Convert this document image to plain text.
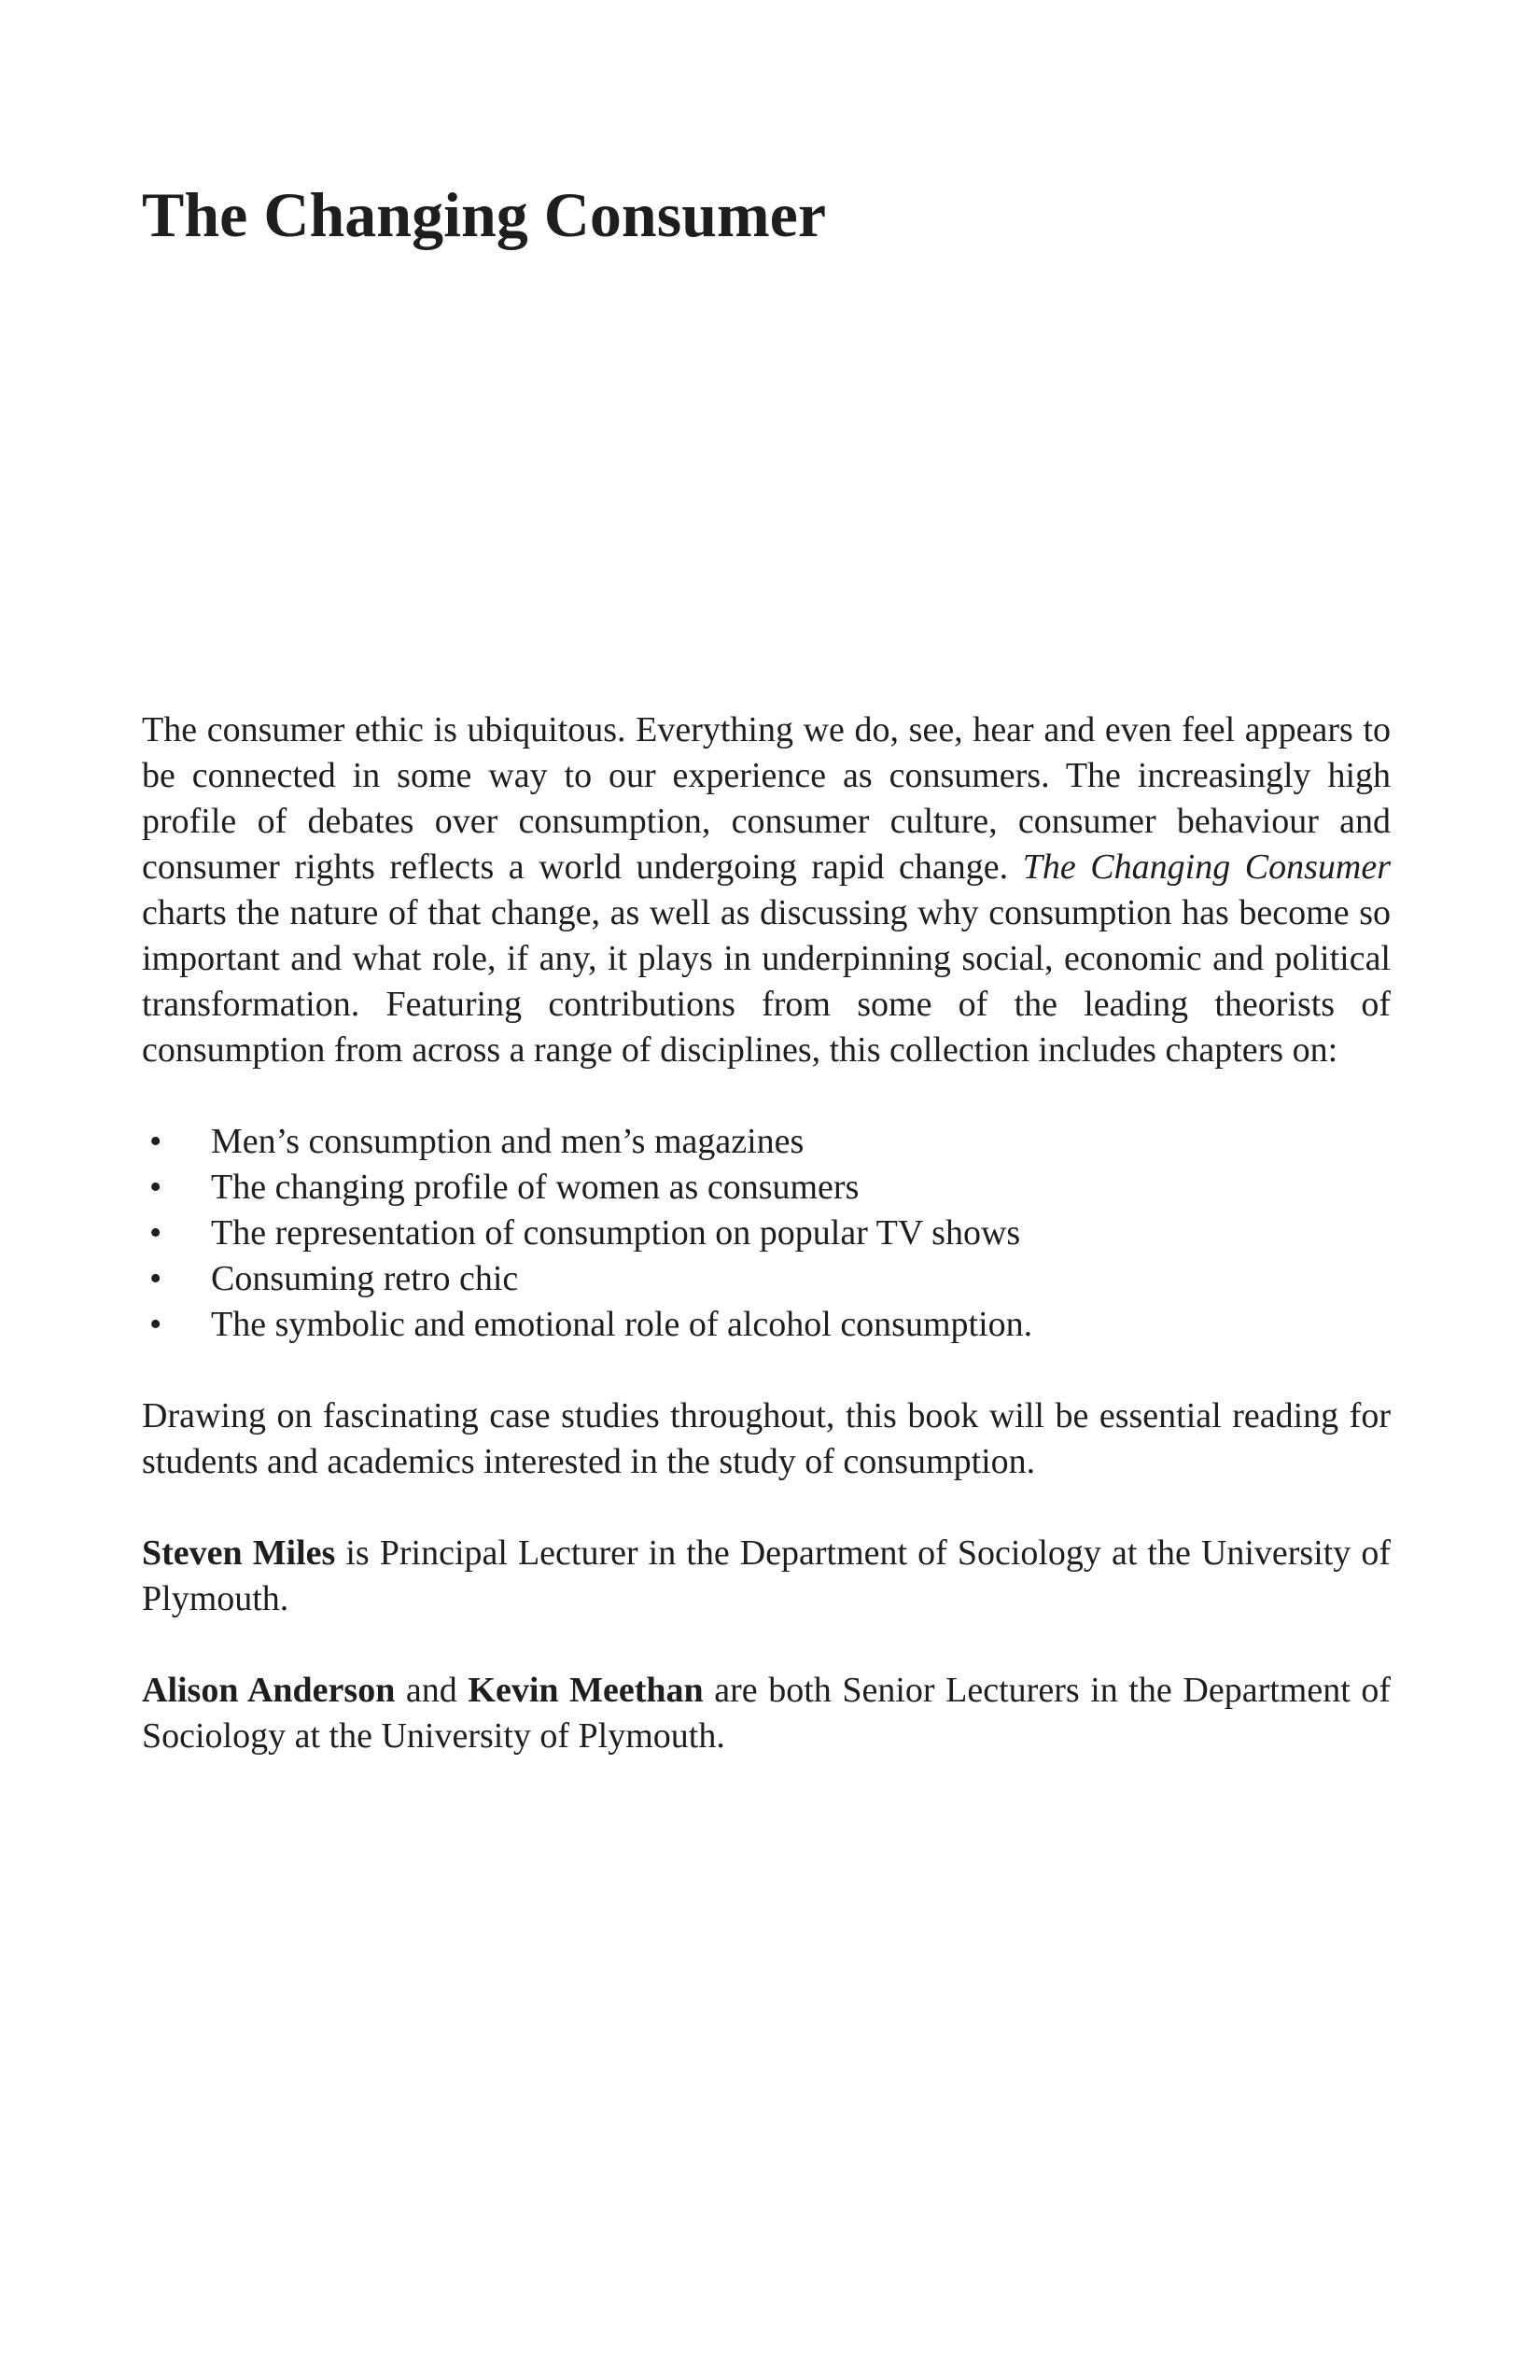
The Changing Consumer

The consumer ethic is ubiquitous. Everything we do, see, hear and even feel appears to be connected in some way to our experience as consumers. The increasingly high profile of debates over consumption, consumer culture, consumer behaviour and consumer rights reflects a world undergoing rapid change. The Changing Consumer charts the nature of that change, as well as discussing why consumption has become so important and what role, if any, it plays in underpinning social, economic and political transformation. Featuring contributions from some of the leading theorists of consumption from across a range of disciplines, this collection includes chapters on:

• Men’s consumption and men’s magazines
• The changing profile of women as consumers
• The representation of consumption on popular TV shows
• Consuming retro chic
• The symbolic and emotional role of alcohol consumption.

Drawing on fascinating case studies throughout, this book will be essential reading for students and academics interested in the study of consumption.

Steven Miles is Principal Lecturer in the Department of Sociology at the University of Plymouth.

Alison Anderson and Kevin Meethan are both Senior Lecturers in the Department of Sociology at the University of Plymouth.
